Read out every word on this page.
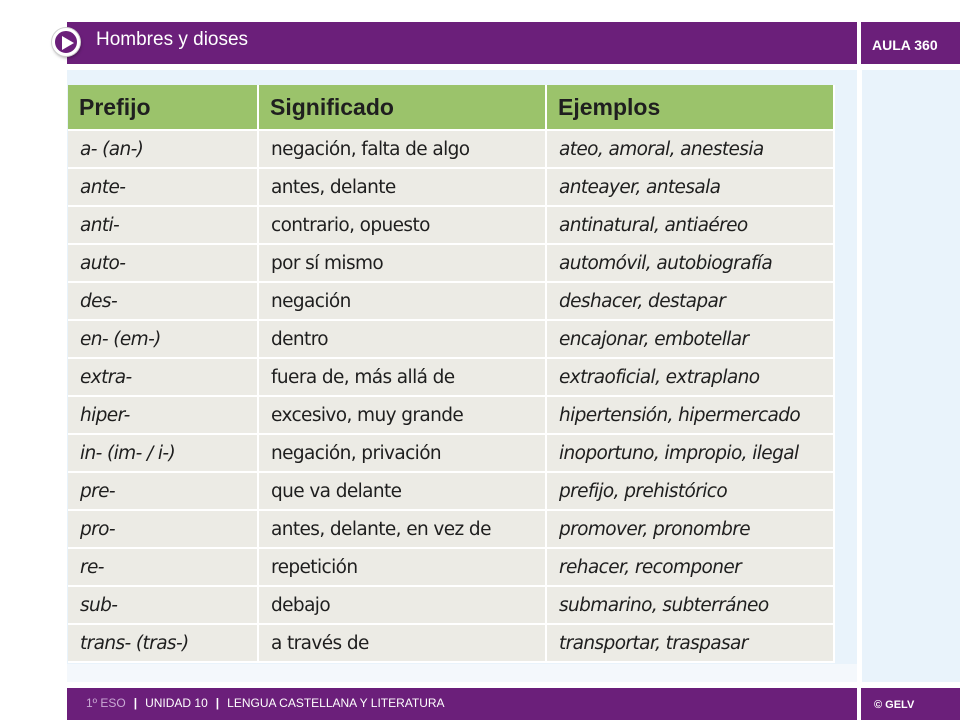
Hombres y dioses	AULA 360
Prefijo	Significado	Ejemplos
a- (an-)	negación, falta de algo	ateo, amoral, anestesia
ante-	antes, delante	anteayer, antesala
anti-	contrario, opuesto	antinatural, antiaéreo
auto-	por sí mismo	automóvil, autobiografía
des-	negación	deshacer, destapar
en- (em-)	dentro	encajonar, embotellar
extra-	fuera de, más allá de	extraoficial, extraplano
hiper-	excesivo, muy grande	hipertensión, hipermercado
in- (im- / i-)	negación, privación	inoportuno, impropio, ilegal
pre-	que va delante	prefijo, prehistórico
pro-	antes, delante, en vez de	promover, pronombre
re-	repetición	rehacer, recomponer
sub-	debajo	submarino, subterráneo
trans- (tras-)	a través de	transportar, traspasar
1º ESO | UNIDAD 10 | LENGUA CASTELLANA Y LITERATURA	© GELV
